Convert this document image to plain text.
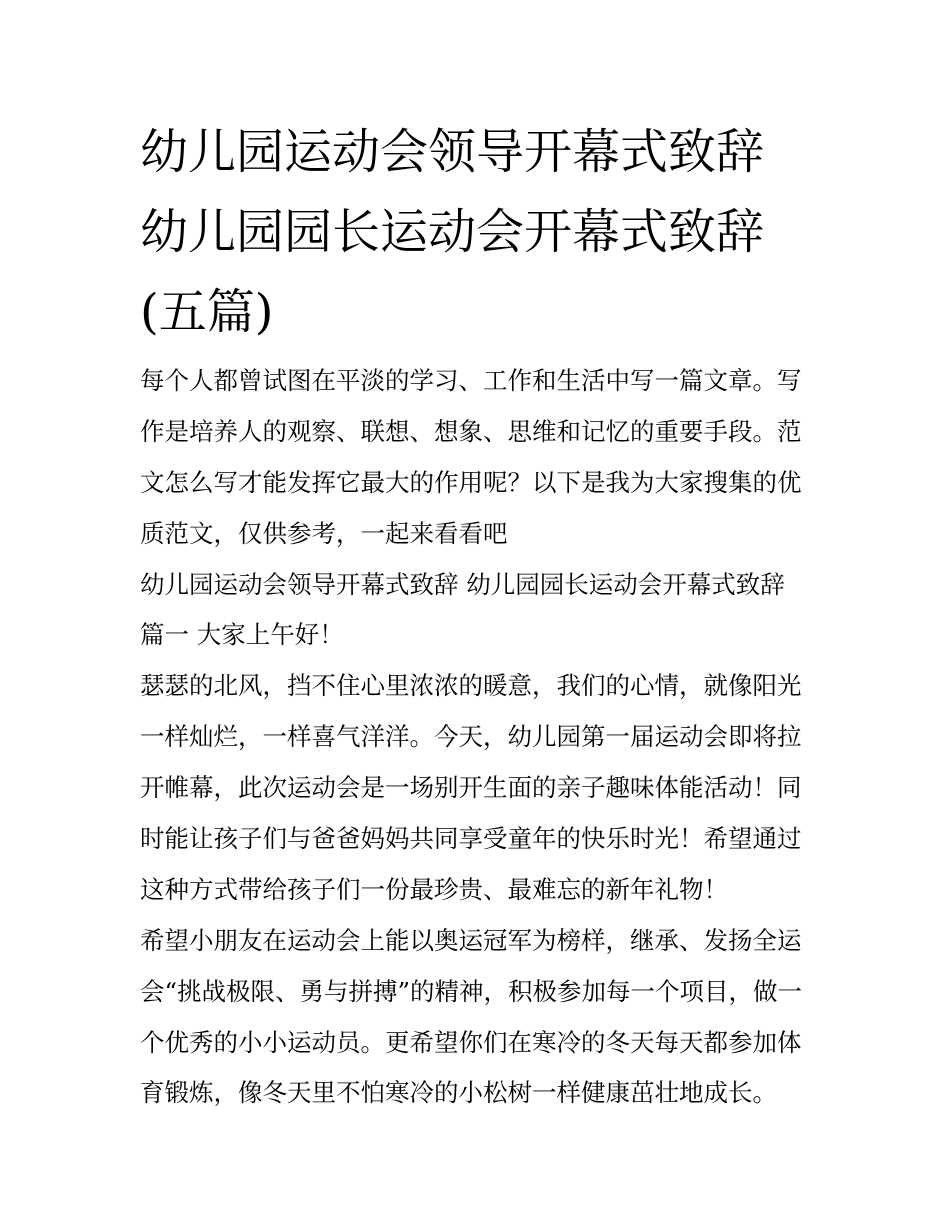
幼儿园运动会领导开幕式致辞
幼儿园园长运动会开幕式致辞
(五篇)
每个人都曾试图在平淡的学习、工作和生活中写一篇文章。写
作是培养人的观察、联想、想象、思维和记忆的重要手段。范
文怎么写才能发挥它最大的作用呢？以下是我为大家搜集的优
质范文，仅供参考，一起来看看吧
幼儿园运动会领导开幕式致辞 幼儿园园长运动会开幕式致辞
篇一 大家上午好！
瑟瑟的北风，挡不住心里浓浓的暖意，我们的心情，就像阳光
一样灿烂，一样喜气洋洋。今天，幼儿园第一届运动会即将拉
开帷幕，此次运动会是一场别开生面的亲子趣味体能活动！同
时能让孩子们与爸爸妈妈共同享受童年的快乐时光！希望通过
这种方式带给孩子们一份最珍贵、最难忘的新年礼物！
希望小朋友在运动会上能以奥运冠军为榜样，继承、发扬全运
会“挑战极限、勇与拼搏”的精神，积极参加每一个项目，做一
个优秀的小小运动员。更希望你们在寒冷的冬天每天都参加体
育锻炼，像冬天里不怕寒冷的小松树一样健康茁壮地成长。
